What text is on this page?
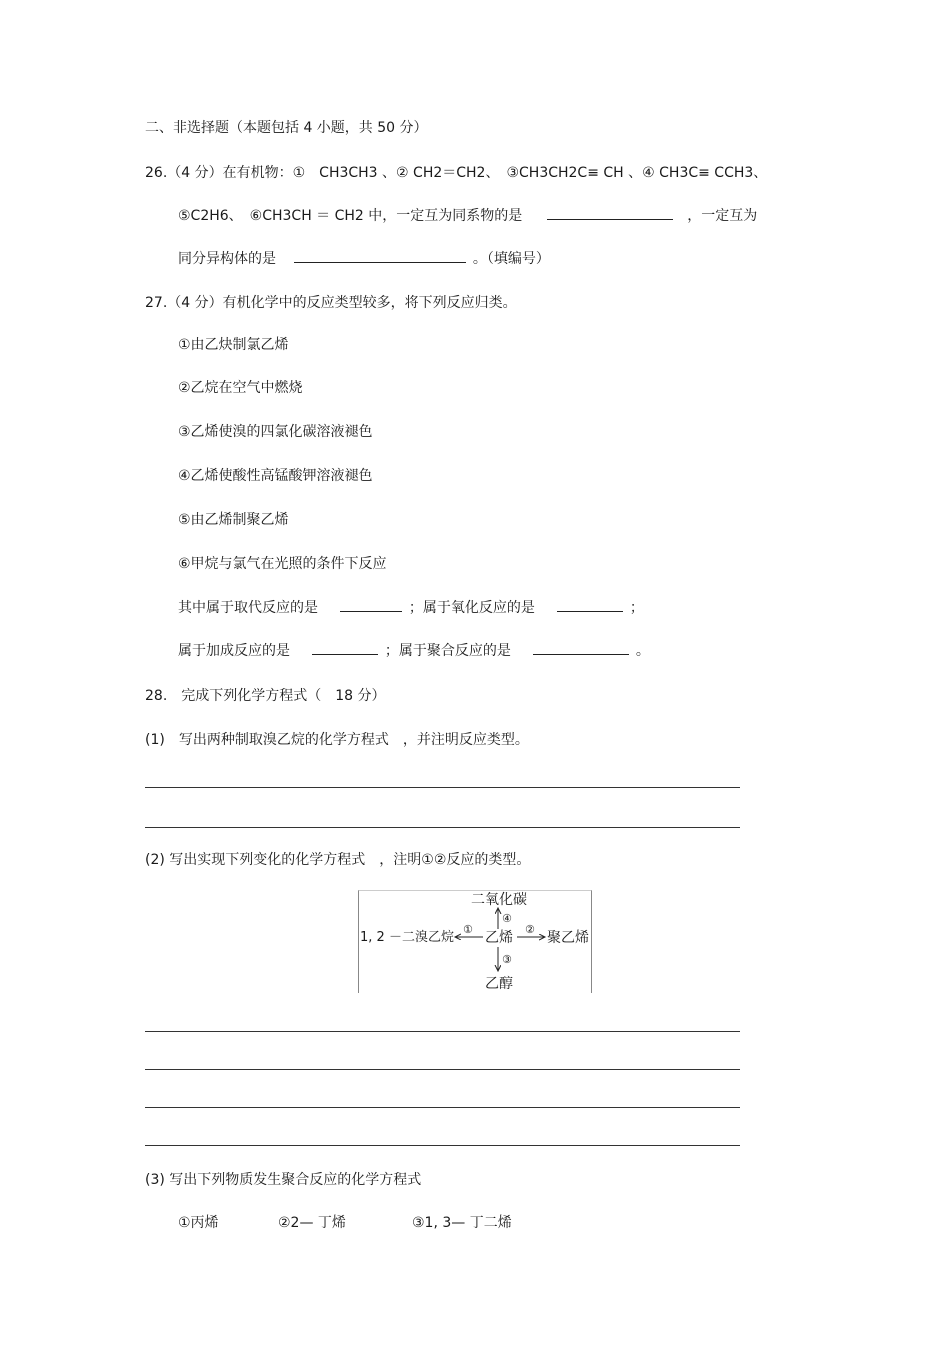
二、非选择题（本题包括 4 小题，共 50 分）
26.（4 分）在有机物：①　CH3CH3 、② CH2＝CH2、　③CH3CH2C≡ CH 、④ CH3C≡ CCH3、
⑤C2H6、　⑥CH3CH ＝ CH2 中，一定互为同系物的是	，一定互为
同分异构体的是	。（填编号）
27.（4 分）有机化学中的反应类型较多，将下列反应归类。
①由乙炔制氯乙烯
②乙烷在空气中燃烧
③乙烯使溴的四氯化碳溶液褪色
④乙烯使酸性高锰酸钾溶液褪色
⑤由乙烯制聚乙烯
⑥甲烷与氯气在光照的条件下反应
其中属于取代反应的是	；属于氧化反应的是	；
属于加成反应的是	；属于聚合反应的是	。
28.　完成下列化学方程式（　18 分）
(1)　写出两种制取溴乙烷的化学方程式　，并注明反应类型。
(2) 写出实现下列变化的化学方程式　，注明①②反应的类型。
二氧化碳
④
1, 2 －二溴乙烷
①
乙烯
②
聚乙烯
③
乙醇
(3) 写出下列物质发生聚合反应的化学方程式
①丙烯	②2— 丁烯	③1, 3— 丁二烯
